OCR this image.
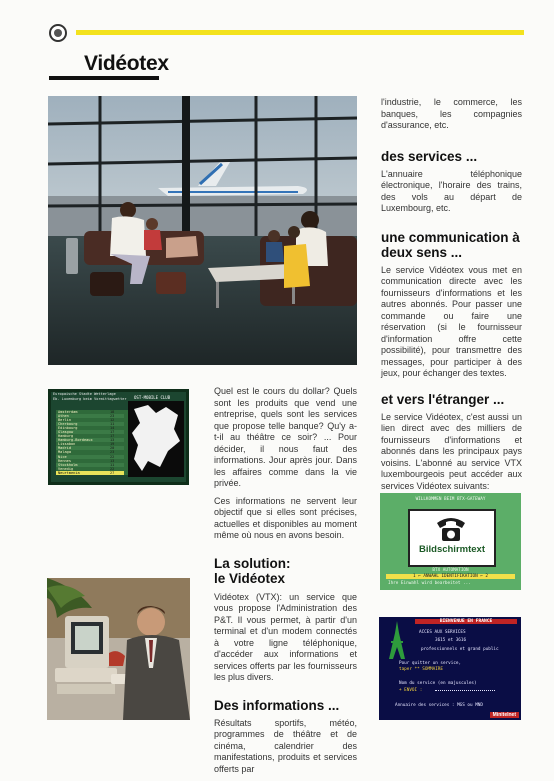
Vidéotex
Europaische Stadte Wetterlage
Eb. Luxemburg beim Vormittagwetter OST-MOBILE CLUB
Amsterdam	18
Athen	23
Berlin	12
Cherbourg	11
Edinbourg	14
Glasgow	17
Hamburg	17
Hamburg-Bordeaux	13
Lissabon	19
Madrid	20
Malaga	23
Nice	22
Rennes	13
Stockholm	11
Venedig	22
Neurtmenia	27
WILLKOMMEN BEIM BTX-GATEWAY
Bildschirmtext
BTX AUTOMATION
1 ← ANWAHL IDENTIFIKATION ← 2
Ihre Einwahl wird bearbeitet ...
BIENVENUE EN FRANCE
ACCES AUX SERVICES
3615 et 3616
professionnels et grand public
Pour quitter un service,
taper ** SOMMAIRE
Nom du service (en majuscules)
+ ENVOI :
Annuaire des services : MGS ou MND
Minitelnet

l'industrie, le commerce, les banques, les compagnies d'assurance, etc.

des services ...

L'annuaire téléphonique électronique, l'horaire des trains, des vols au départ de Luxembourg, etc.

une communication à deux sens ...

Le service Vidéotex vous met en communication directe avec les fournisseurs d'informations et les autres abonnés. Pour passer une commande ou faire une réservation (si le fournisseur d'information offre cette possibilité), pour transmettre des messages, pour participer à des jeux, pour échanger des textes.

et vers l'étranger ...

Le service Vidéotex, c'est aussi un lien direct avec des milliers de fournisseurs d'informations et abonnés dans les principaux pays voisins. L'abonné au service VTX luxembourgeois peut accéder aux services Vidéotex suivants:

Quel est le cours du dollar? Quels sont les produits que vend une entreprise, quels sont les services que propose telle banque? Qu'y a-t-il au théâtre ce soir? ... Pour décider, il nous faut des informations. Jour après jour. Dans les affaires comme dans la vie privée.

Ces informations ne servent leur objectif que si elles sont précises, actuelles et disponibles au moment même où nous en avons besoin.

La solution:
le Vidéotex

Vidéotex (VTX): un service que vous propose l'Administration des P&T. Il vous permet, à partir d'un terminal et d'un modem connectés à votre ligne téléphonique, d'accéder aux informations et services offerts par les fournisseurs les plus divers.

Des informations ...

Résultats sportifs, météo, programmes de théâtre et de cinéma, calendrier des manifestations, produits et services offerts par
